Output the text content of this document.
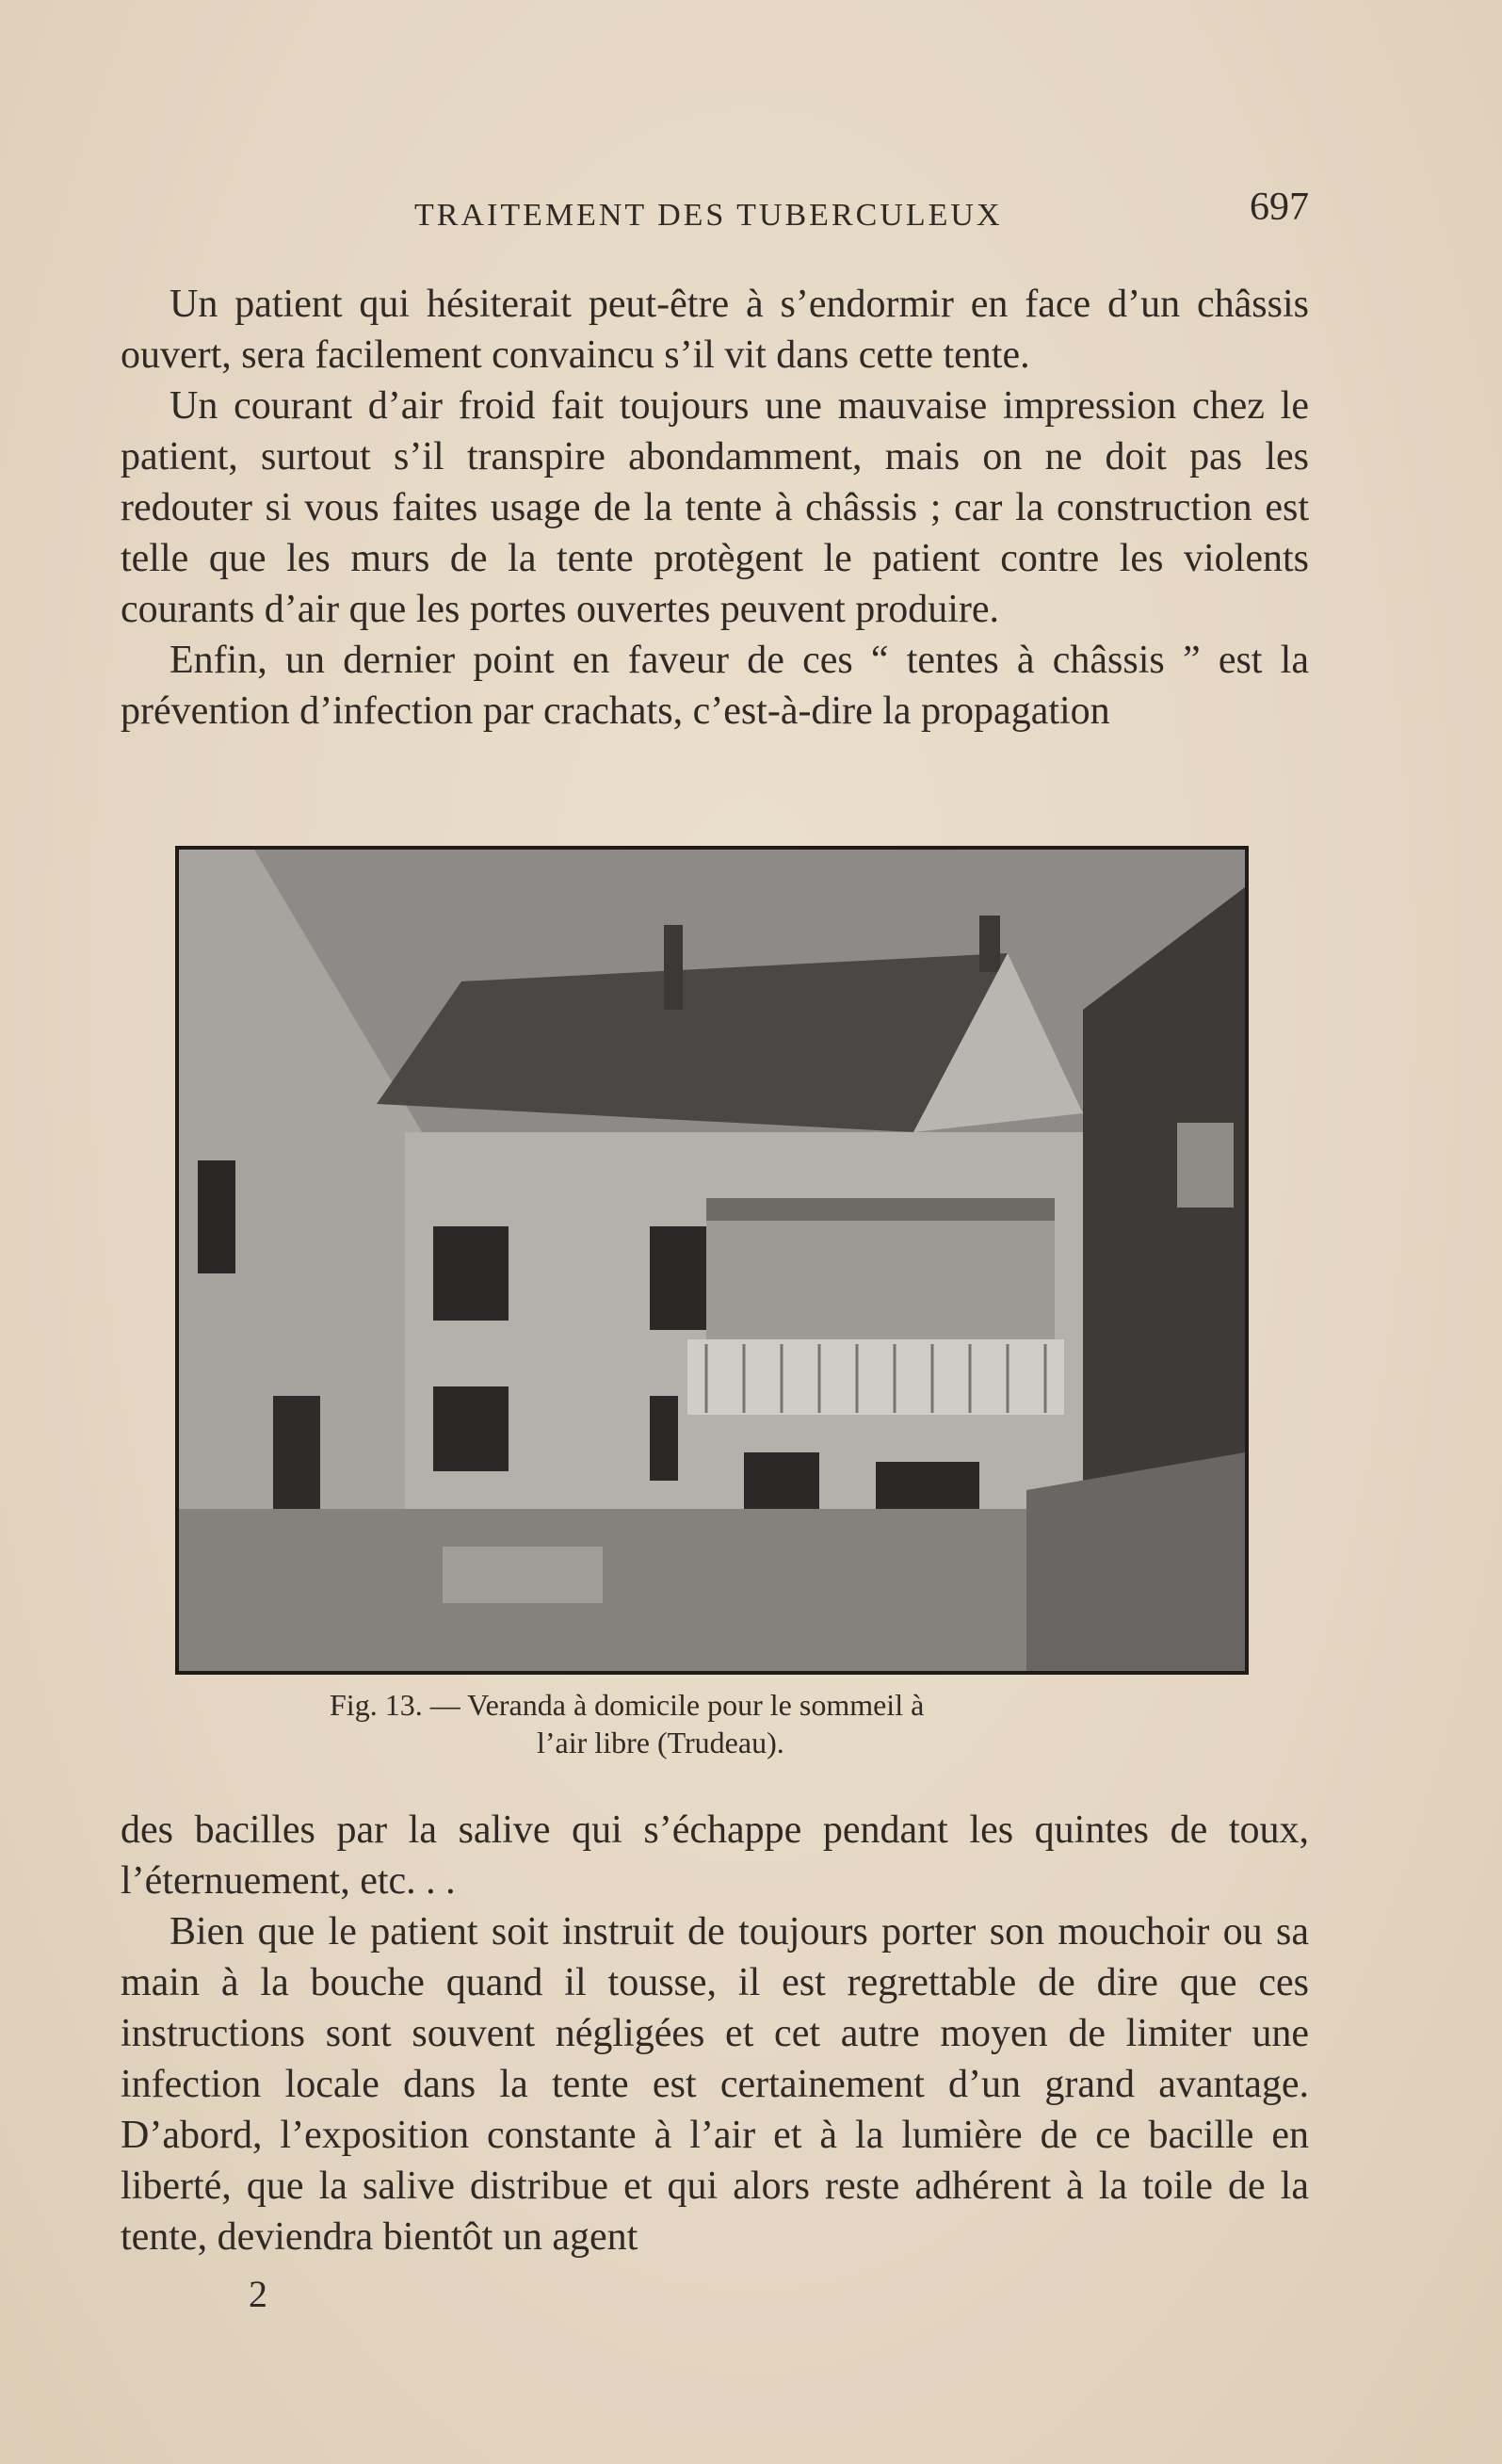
TRAITEMENT DES TUBERCULEUX	697

Un patient qui hésiterait peut-être à s’endormir en face d’un châssis ouvert, sera facilement convaincu s’il vit dans cette tente.

Un courant d’air froid fait toujours une mauvaise impression chez le patient, surtout s’il transpire abondamment, mais on ne doit pas les redouter si vous faites usage de la tente à châssis ; car la construction est telle que les murs de la tente protègent le patient contre les violents courants d’air que les portes ouvertes peuvent produire.

Enfin, un dernier point en faveur de ces “ tentes à châssis ” est la prévention d’infection par crachats, c’est-à-dire la propagation

Fig. 13. — Veranda à domicile pour le sommeil à
l’air libre (Trudeau).

des bacilles par la salive qui s’échappe pendant les quintes de toux, l’éternuement, etc. . .

Bien que le patient soit instruit de toujours porter son mouchoir ou sa main à la bouche quand il tousse, il est regrettable de dire que ces instructions sont souvent négligées et cet autre moyen de limiter une infection locale dans la tente est certainement d’un grand avantage. D’abord, l’exposition constante à l’air et à la lumière de ce bacille en liberté, que la salive distribue et qui alors reste adhérent à la toile de la tente, deviendra bientôt un agent

2
